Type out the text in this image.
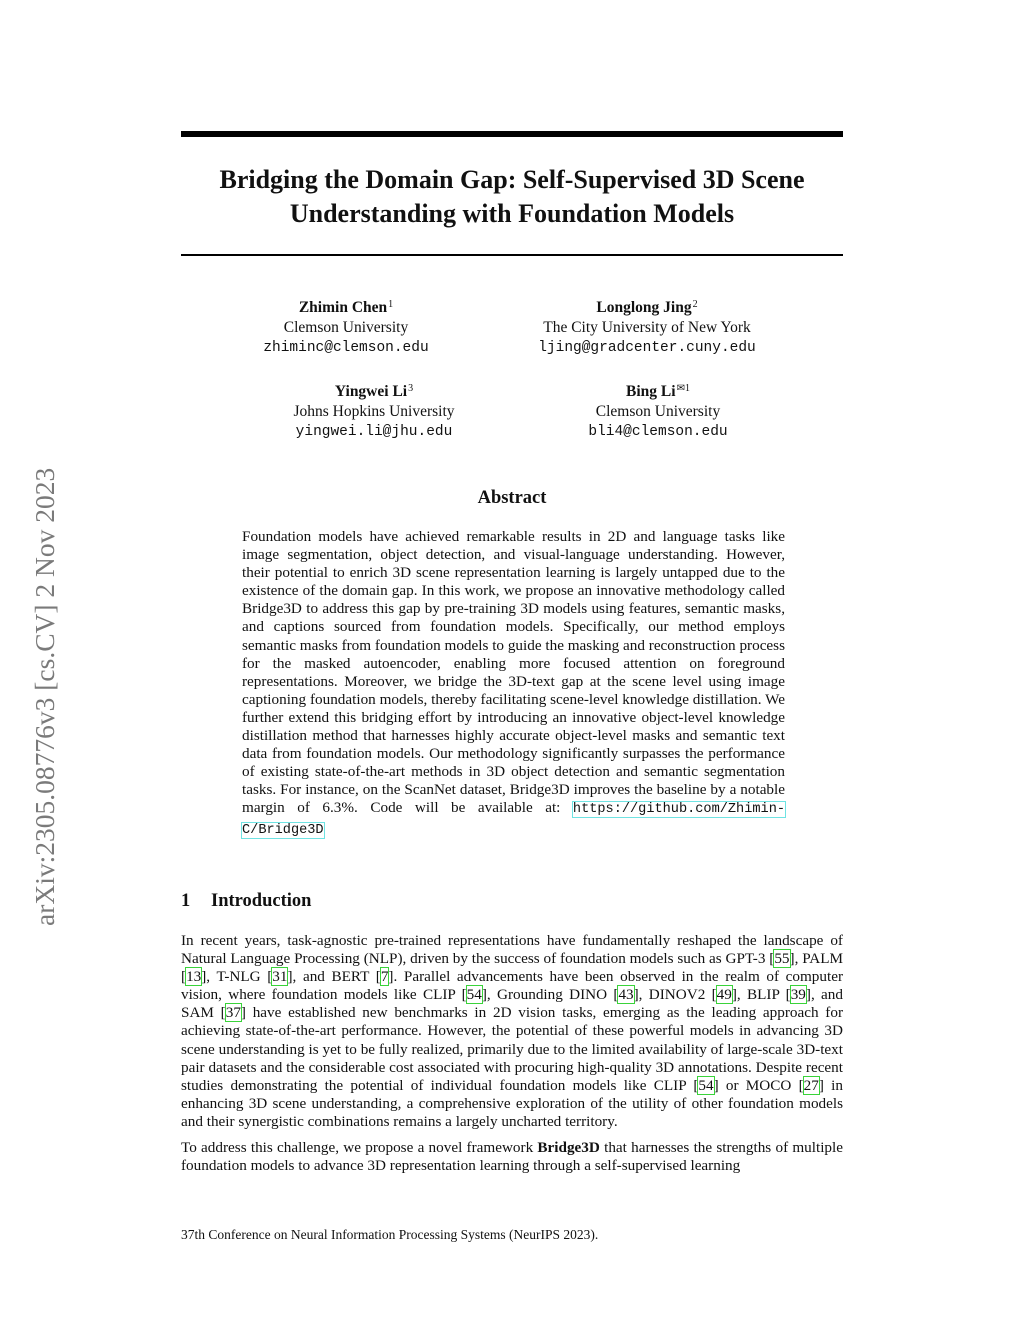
arXiv:2305.08776v3 [cs.CV] 2 Nov 2023
Bridging the Domain Gap: Self-Supervised 3D Scene
Understanding with Foundation Models
Zhimin Chen$^1$
Clemson University
zhiminc@clemson.edu
Longlong Jing$^2$
The City University of New York
ljing@gradcenter.cuny.edu
Yingwei Li$^3$
Johns Hopkins University
yingwei.li@jhu.edu
Bing $Li^{✉1}$
Clemson University
bli4@clemson.edu
Abstract
Foundation models have achieved remarkable results in 2D and language tasks like image segmentation, object detection, and visual-language understanding. However, their potential to enrich 3D scene representation learning is largely untapped due to the existence of the domain gap. In this work, we propose an innovative methodology called Bridge3D to address this gap by pre-training 3D models using features, semantic masks, and captions sourced from foundation models. Specifically, our method employs semantic masks from foundation models to guide the masking and reconstruction process for the masked autoencoder, enabling more focused attention on foreground representations. Moreover, we bridge the 3D-text gap at the scene level using image captioning foundation models, thereby facilitating scene-level knowledge distillation. We further extend this bridging effort by introducing an innovative object-level knowledge distillation method that harnesses highly accurate object-level masks and semantic text data from foundation models. Our methodology significantly surpasses the performance of existing state-of-the-art methods in 3D object detection and semantic segmentation tasks. For instance, on the ScanNet dataset, Bridge3D improves the baseline by a notable margin of 6.3%. Code will be available at: https://github.com/Zhimin-C/Bridge3D
1 Introduction

In recent years, task-agnostic pre-trained representations have fundamentally reshaped the landscape of Natural Language Processing (NLP), driven by the success of foundation models such as GPT-3 [55], PALM [13], T-NLG [31], and BERT [7]. Parallel advancements have been observed in the realm of computer vision, where foundation models like CLIP [54], Grounding DINO [43], DINOV2 [49], BLIP [39], and SAM [37] have established new benchmarks in 2D vision tasks, emerging as the leading approach for achieving state-of-the-art performance. However, the potential of these powerful models in advancing 3D scene understanding is yet to be fully realized, primarily due to the limited availability of large-scale 3D-text pair datasets and the considerable cost associated with procuring high-quality 3D annotations. Despite recent studies demonstrating the potential of individual foundation models like CLIP [54] or MOCO [27] in enhancing 3D scene understanding, a comprehensive exploration of the utility of other foundation models and their synergistic combinations remains a largely uncharted territory.

To address this challenge, we propose a novel framework Bridge3D that harnesses the strengths of multiple foundation models to advance 3D representation learning through a self-supervised learning

37th Conference on Neural Information Processing Systems (NeurIPS 2023).
